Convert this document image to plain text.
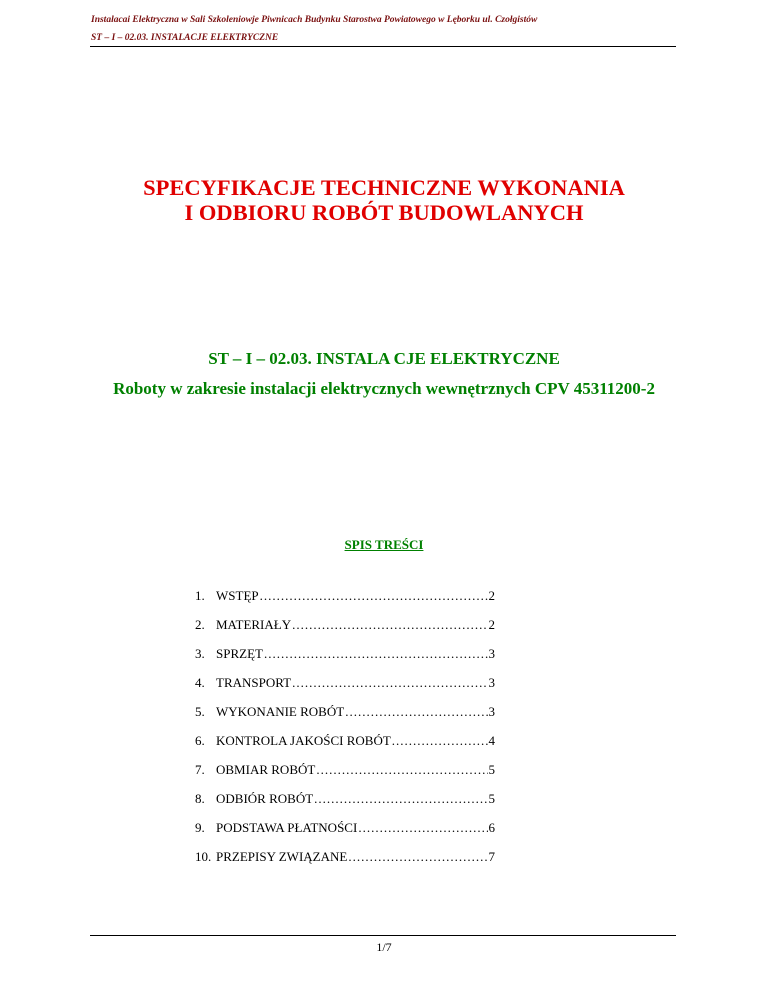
Instalacai Elektryczna w Sali Szkoleniowje Piwnicach Budynku Starostwa Powiatowego w Lęborku ul. Czołgistów
ST – I – 02.03. INSTALACJE ELEKTRYCZNE
SPECYFIKACJE TECHNICZNE WYKONANIA
I ODBIORU ROBÓT BUDOWLANYCH
ST – I – 02.03. INSTALA CJE ELEKTRYCZNE
Roboty w zakresie instalacji elektrycznych wewnętrznych CPV 45311200-2
SPIS TREŚCI
1. WSTĘP .....	2
2. MATERIAŁY .....	2
3. SPRZĘT .....	3
4. TRANSPORT .....	3
5. WYKONANIE ROBÓT .....	3
6. KONTROLA JAKOŚCI ROBÓT .....	4
7. OBMIAR ROBÓT .....	5
8. ODBIÓR ROBÓT .....	5
9. PODSTAWA PŁATNOŚCI .....	6
10. PRZEPISY ZWIĄZANE .....	7
1/7
